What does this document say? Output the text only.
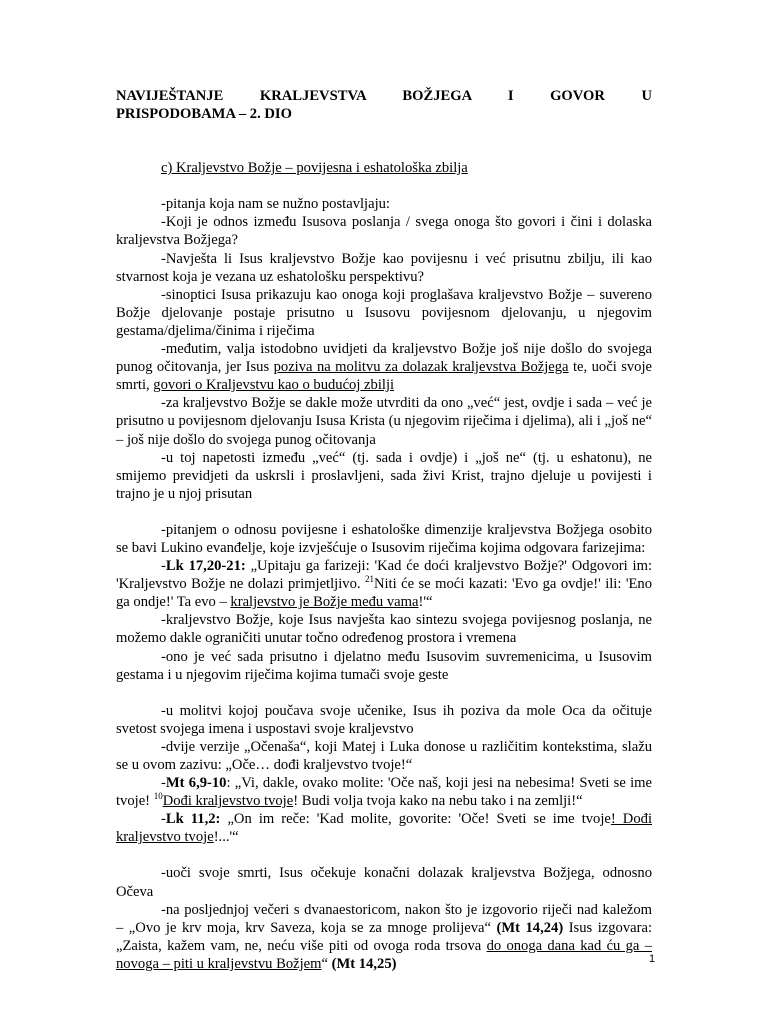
NAVIJEŠTANJE KRALJEVSTVA BOŽJEGA I GOVOR U
PRISPODOBAMA – 2. DIO

c) Kraljevstvo Božje – povijesna i eshatološka zbilja

-pitanja koja nam se nužno postavljaju:

-Koji je odnos između Isusova poslanja / svega onoga što govori i čini i dolaska kraljevstva Božjega?

-Navješta li Isus kraljevstvo Božje kao povijesnu i već prisutnu zbilju, ili kao stvarnost koja je vezana uz eshatološku perspektivu?

-sinoptici Isusa prikazuju kao onoga koji proglašava kraljevstvo Božje – suvereno Božje djelovanje postaje prisutno u Isusovu povijesnom djelovanju, u njegovim gestama/djelima/činima i riječima

-međutim, valja istodobno uvidjeti da kraljevstvo Božje još nije došlo do svojega punog očitovanja, jer Isus poziva na molitvu za dolazak kraljevstva Božjega te, uoči svoje smrti, govori o Kraljevstvu kao o budućoj zbilji

-za kraljevstvo Božje se dakle može utvrditi da ono „već“ jest, ovdje i sada – već je prisutno u povijesnom djelovanju Isusa Krista (u njegovim riječima i djelima), ali i „još ne“ – još nije došlo do svojega punog očitovanja

-u toj napetosti između „već“ (tj. sada i ovdje) i „još ne“ (tj. u eshatonu), ne smijemo previdjeti da uskrsli i proslavljeni, sada živi Krist, trajno djeluje u povijesti i trajno je u njoj prisutan

-pitanjem o odnosu povijesne i eshatološke dimenzije kraljevstva Božjega osobito se bavi Lukino evanđelje, koje izvješćuje o Isusovim riječima kojima odgovara farizejima:

-Lk 17,20-21: „Upitaju ga farizeji: 'Kad će doći kraljevstvo Božje?' Odgovori im: 'Kraljevstvo Božje ne dolazi primjetljivo. $^{21}$Niti će se moći kazati: 'Evo ga ovdje!' ili: 'Eno ga ondje!' Ta evo – kraljevstvo je Božje među vama!'“

-kraljevstvo Božje, koje Isus navješta kao sintezu svojega povijesnog poslanja, ne možemo dakle ograničiti unutar točno određenog prostora i vremena

-ono je već sada prisutno i djelatno među Isusovim suvremenicima, u Isusovim gestama i u njegovim riječima kojima tumači svoje geste

-u molitvi kojoj poučava svoje učenike, Isus ih poziva da mole Oca da očituje svetost svojega imena i uspostavi svoje kraljevstvo

-dvije verzije „Očenaša“, koji Matej i Luka donose u različitim kontekstima, slažu se u ovom zazivu: „Oče… dođi kraljevstvo tvoje!“

-Mt 6,9-10: „Vi, dakle, ovako molite: 'Oče naš, koji jesi na nebesima! Sveti se ime tvoje! $^{10}$Dođi kraljevstvo tvoje! Budi volja tvoja kako na nebu tako i na zemlji!“

-Lk 11,2: „On im reče: 'Kad molite, govorite: 'Oče! Sveti se ime tvoje! Dođi kraljevstvo tvoje!...'“

-uoči svoje smrti, Isus očekuje konačni dolazak kraljevstva Božjega, odnosno Očeva

-na posljednjoj večeri s dvanaestoricom, nakon što je izgovorio riječi nad kaležom – „Ovo je krv moja, krv Saveza, koja se za mnoge prolijeva“ (Mt 14,24) Isus izgovara: „Zaista, kažem vam, ne, neću više piti od ovoga roda trsova do onoga dana kad ću ga – novoga – piti u kraljevstvu Božjem“ (Mt 14,25)	1
